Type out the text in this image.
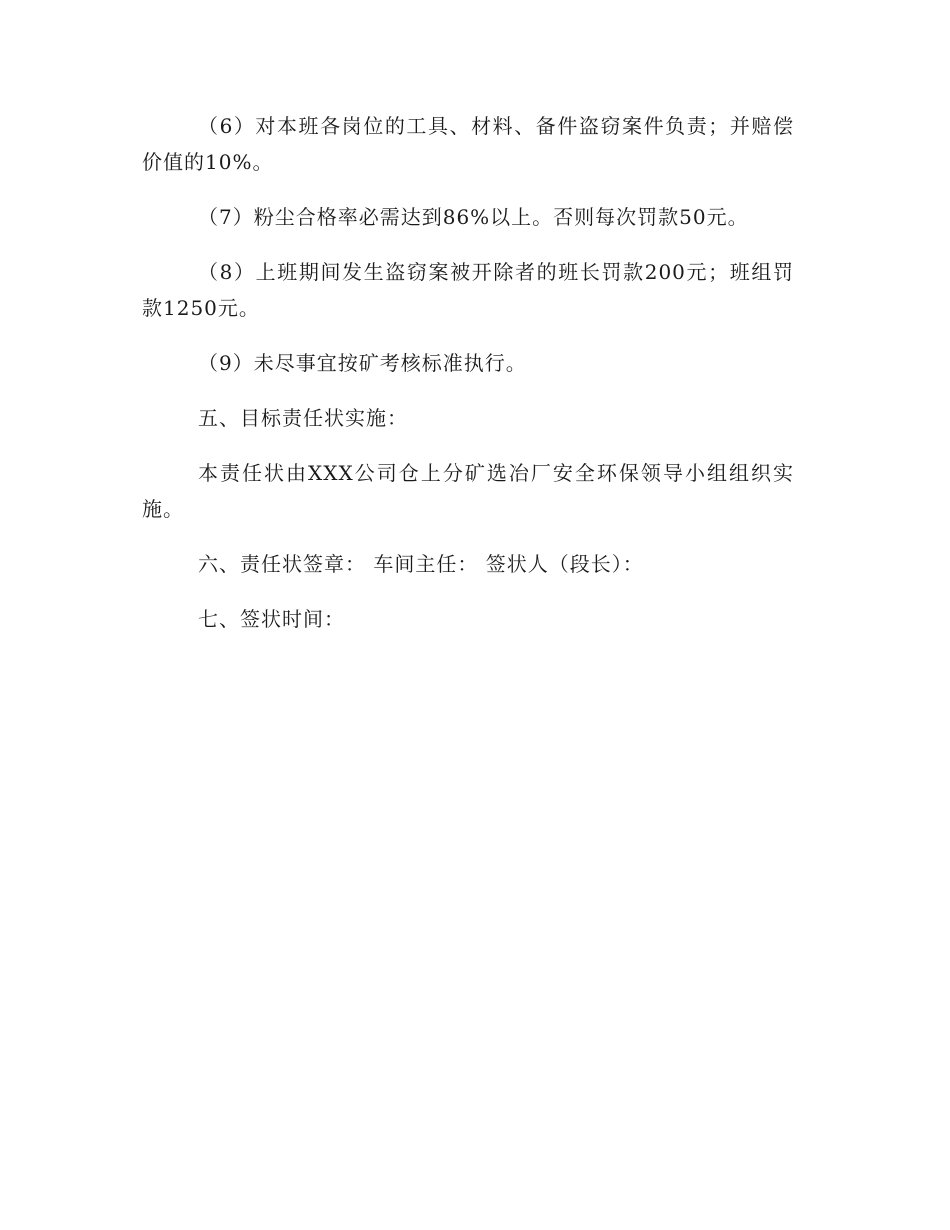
（6）对本班各岗位的工具、材料、备件盗窃案件负责；并赔偿价值的10%。

（7）粉尘合格率必需达到86%以上。否则每次罚款50元。

（8）上班期间发生盗窃案被开除者的班长罚款200元；班组罚款1250元。

（9）未尽事宜按矿考核标准执行。

五、目标责任状实施：

本责任状由XXX公司仓上分矿选冶厂安全环保领导小组组织实施。

六、责任状签章： 车间主任： 签状人（段长）：

七、签状时间：
